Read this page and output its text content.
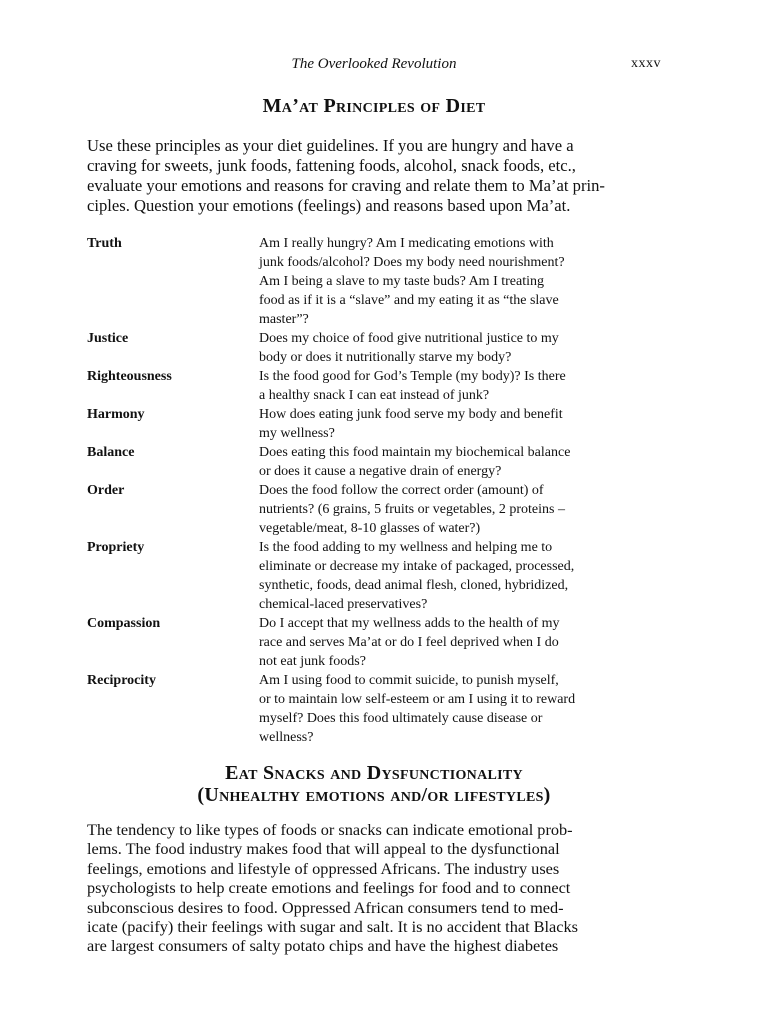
The Overlooked Revolution	xxxv
Ma’at Principles of Diet

Use these principles as your diet guidelines. If you are hungry and have a
craving for sweets, junk foods, fattening foods, alcohol, snack foods, etc.,
evaluate your emotions and reasons for craving and relate them to Ma’at prin-
ciples. Question your emotions (feelings) and reasons based upon Ma’at.

Truth	Am I really hungry? Am I medicating emotions with
junk foods/alcohol? Does my body need nourishment?
Am I being a slave to my taste buds? Am I treating
food as if it is a “slave” and my eating it as “the slave
master”?
Justice	Does my choice of food give nutritional justice to my
body or does it nutritionally starve my body?
Righteousness	Is the food good for God’s Temple (my body)? Is there
a healthy snack I can eat instead of junk?
Harmony	How does eating junk food serve my body and benefit
my wellness?
Balance	Does eating this food maintain my biochemical balance
or does it cause a negative drain of energy?
Order	Does the food follow the correct order (amount) of
nutrients? (6 grains, 5 fruits or vegetables, 2 proteins –
vegetable/meat, 8-10 glasses of water?)
Propriety	Is the food adding to my wellness and helping me to
eliminate or decrease my intake of packaged, processed,
synthetic, foods, dead animal flesh, cloned, hybridized,
chemical-laced preservatives?
Compassion	Do I accept that my wellness adds to the health of my
race and serves Ma’at or do I feel deprived when I do
not eat junk foods?
Reciprocity	Am I using food to commit suicide, to punish myself,
or to maintain low self-esteem or am I using it to reward
myself? Does this food ultimately cause disease or
wellness?
Eat Snacks and Dysfunctionality
(Unhealthy emotions and/or lifestyles)

The tendency to like types of foods or snacks can indicate emotional prob-
lems. The food industry makes food that will appeal to the dysfunctional
feelings, emotions and lifestyle of oppressed Africans. The industry uses
psychologists to help create emotions and feelings for food and to connect
subconscious desires to food. Oppressed African consumers tend to med-
icate (pacify) their feelings with sugar and salt. It is no accident that Blacks
are largest consumers of salty potato chips and have the highest diabetes
